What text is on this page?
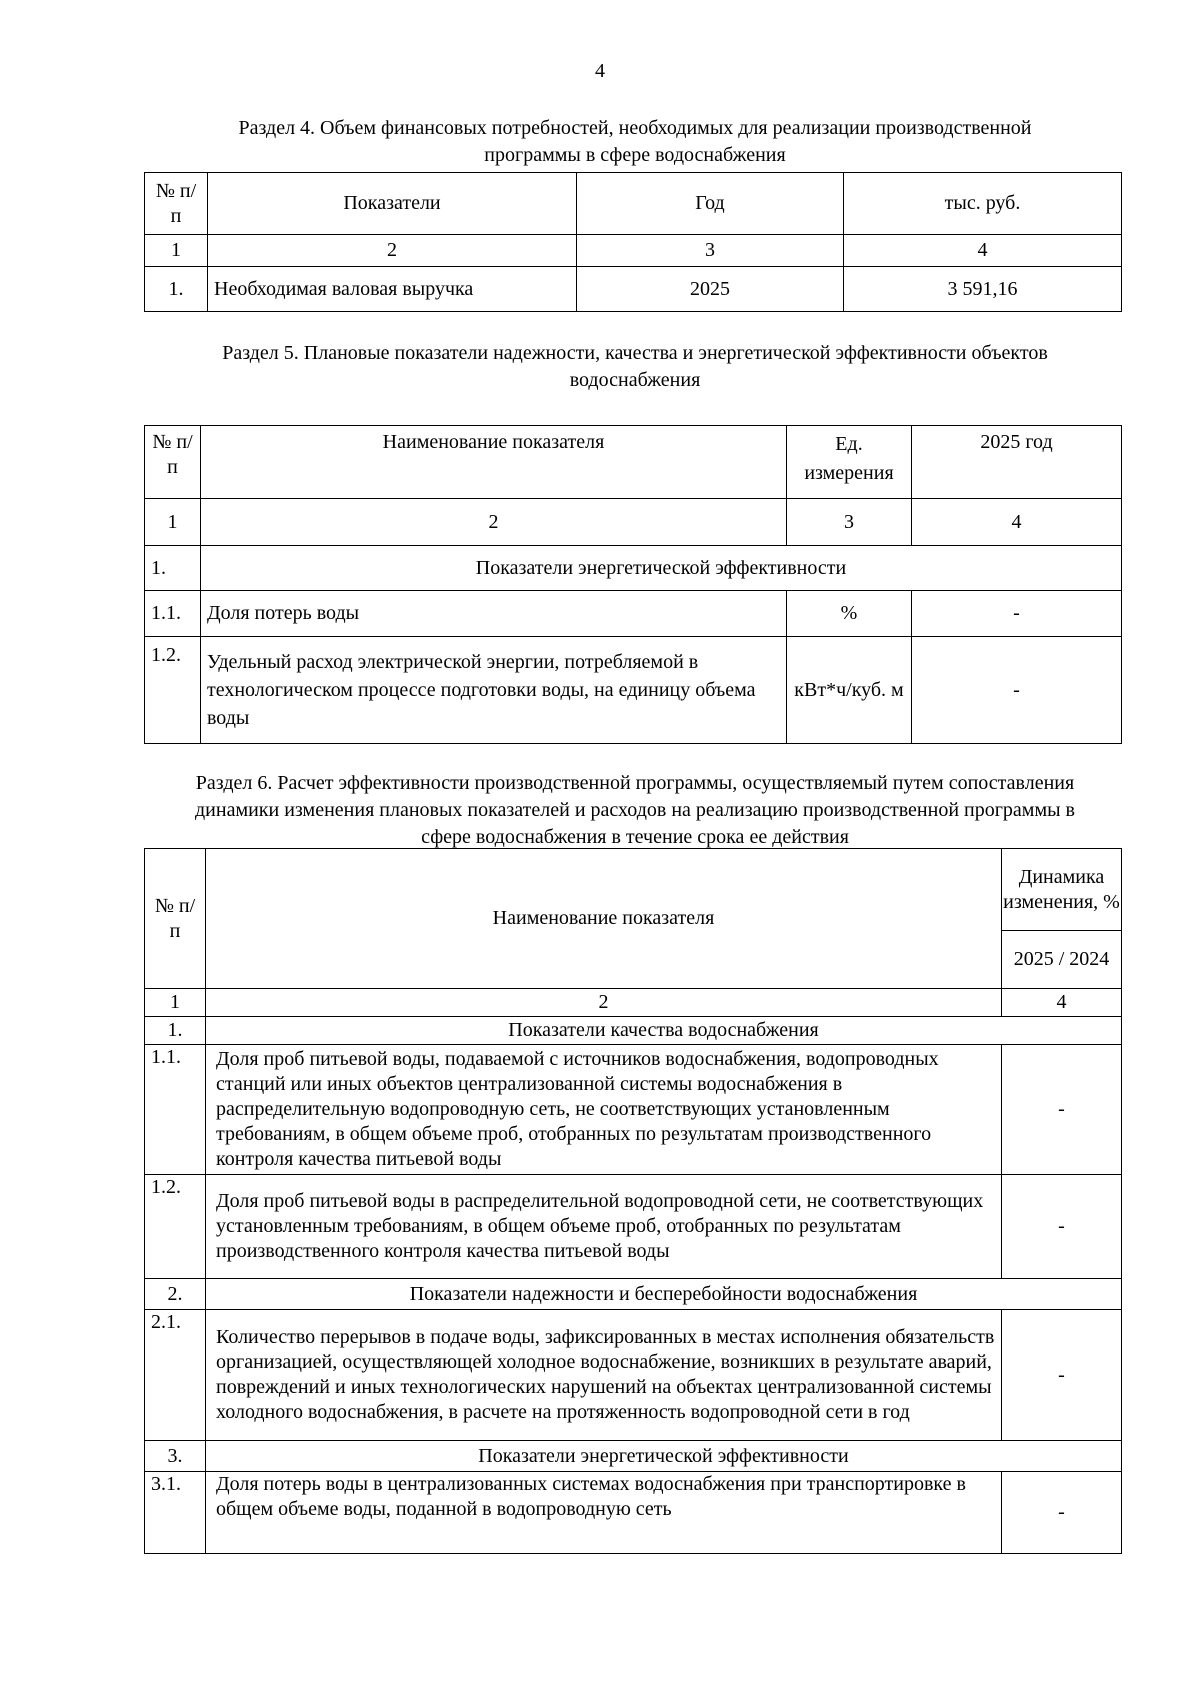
4
Раздел 4. Объем финансовых потребностей, необходимых для реализации производственной
программы в сфере водоснабжения
№ п/п	Показатели	Год	тыс. руб.
1	2	3	4
1.	Необходимая валовая выручка	2025	3 591,16
Раздел 5. Плановые показатели надежности, качества и энергетической эффективности объектов
водоснабжения
№ п/п	Наименование показателя	Ед. измерения	2025 год
1	2	3	4
1.	Показатели энергетической эффективности		
1.1.	Доля потерь воды	%	-
1.2.	Удельный расход электрической энергии, потребляемой в технологическом процессе подготовки воды, на единицу объема воды	кВт*ч/куб. м	-
Раздел 6. Расчет эффективности производственной программы, осуществляемый путем сопоставления
динамики изменения плановых показателей и расходов на реализацию производственной программы в
сфере водоснабжения в течение срока ее действия
№ п/п	Наименование показателя	Динамика изменения, %
		2025 / 2024
1	2	4
1.	Показатели качества водоснабжения	
1.1.	Доля проб питьевой воды, подаваемой с источников водоснабжения, водопроводных станций или иных объектов централизованной системы водоснабжения в распределительную водопроводную сеть, не соответствующих установленным требованиям, в общем объеме проб, отобранных по результатам производственного контроля качества питьевой воды	-
1.2.	Доля проб питьевой воды в распределительной водопроводной сети, не соответствующих установленным требованиям, в общем объеме проб, отобранных по результатам производственного контроля качества питьевой воды	-
2.	Показатели надежности и бесперебойности водоснабжения	
2.1.	Количество перерывов в подаче воды, зафиксированных в местах исполнения обязательств организацией, осуществляющей холодное водоснабжение, возникших в результате аварий, повреждений и иных технологических нарушений на объектах централизованной системы холодного водоснабжения, в расчете на протяженность водопроводной сети в год	-
3.	Показатели энергетической эффективности	
3.1.	Доля потерь воды в централизованных системах водоснабжения при транспортировке в общем объеме воды, поданной в водопроводную сеть	-
